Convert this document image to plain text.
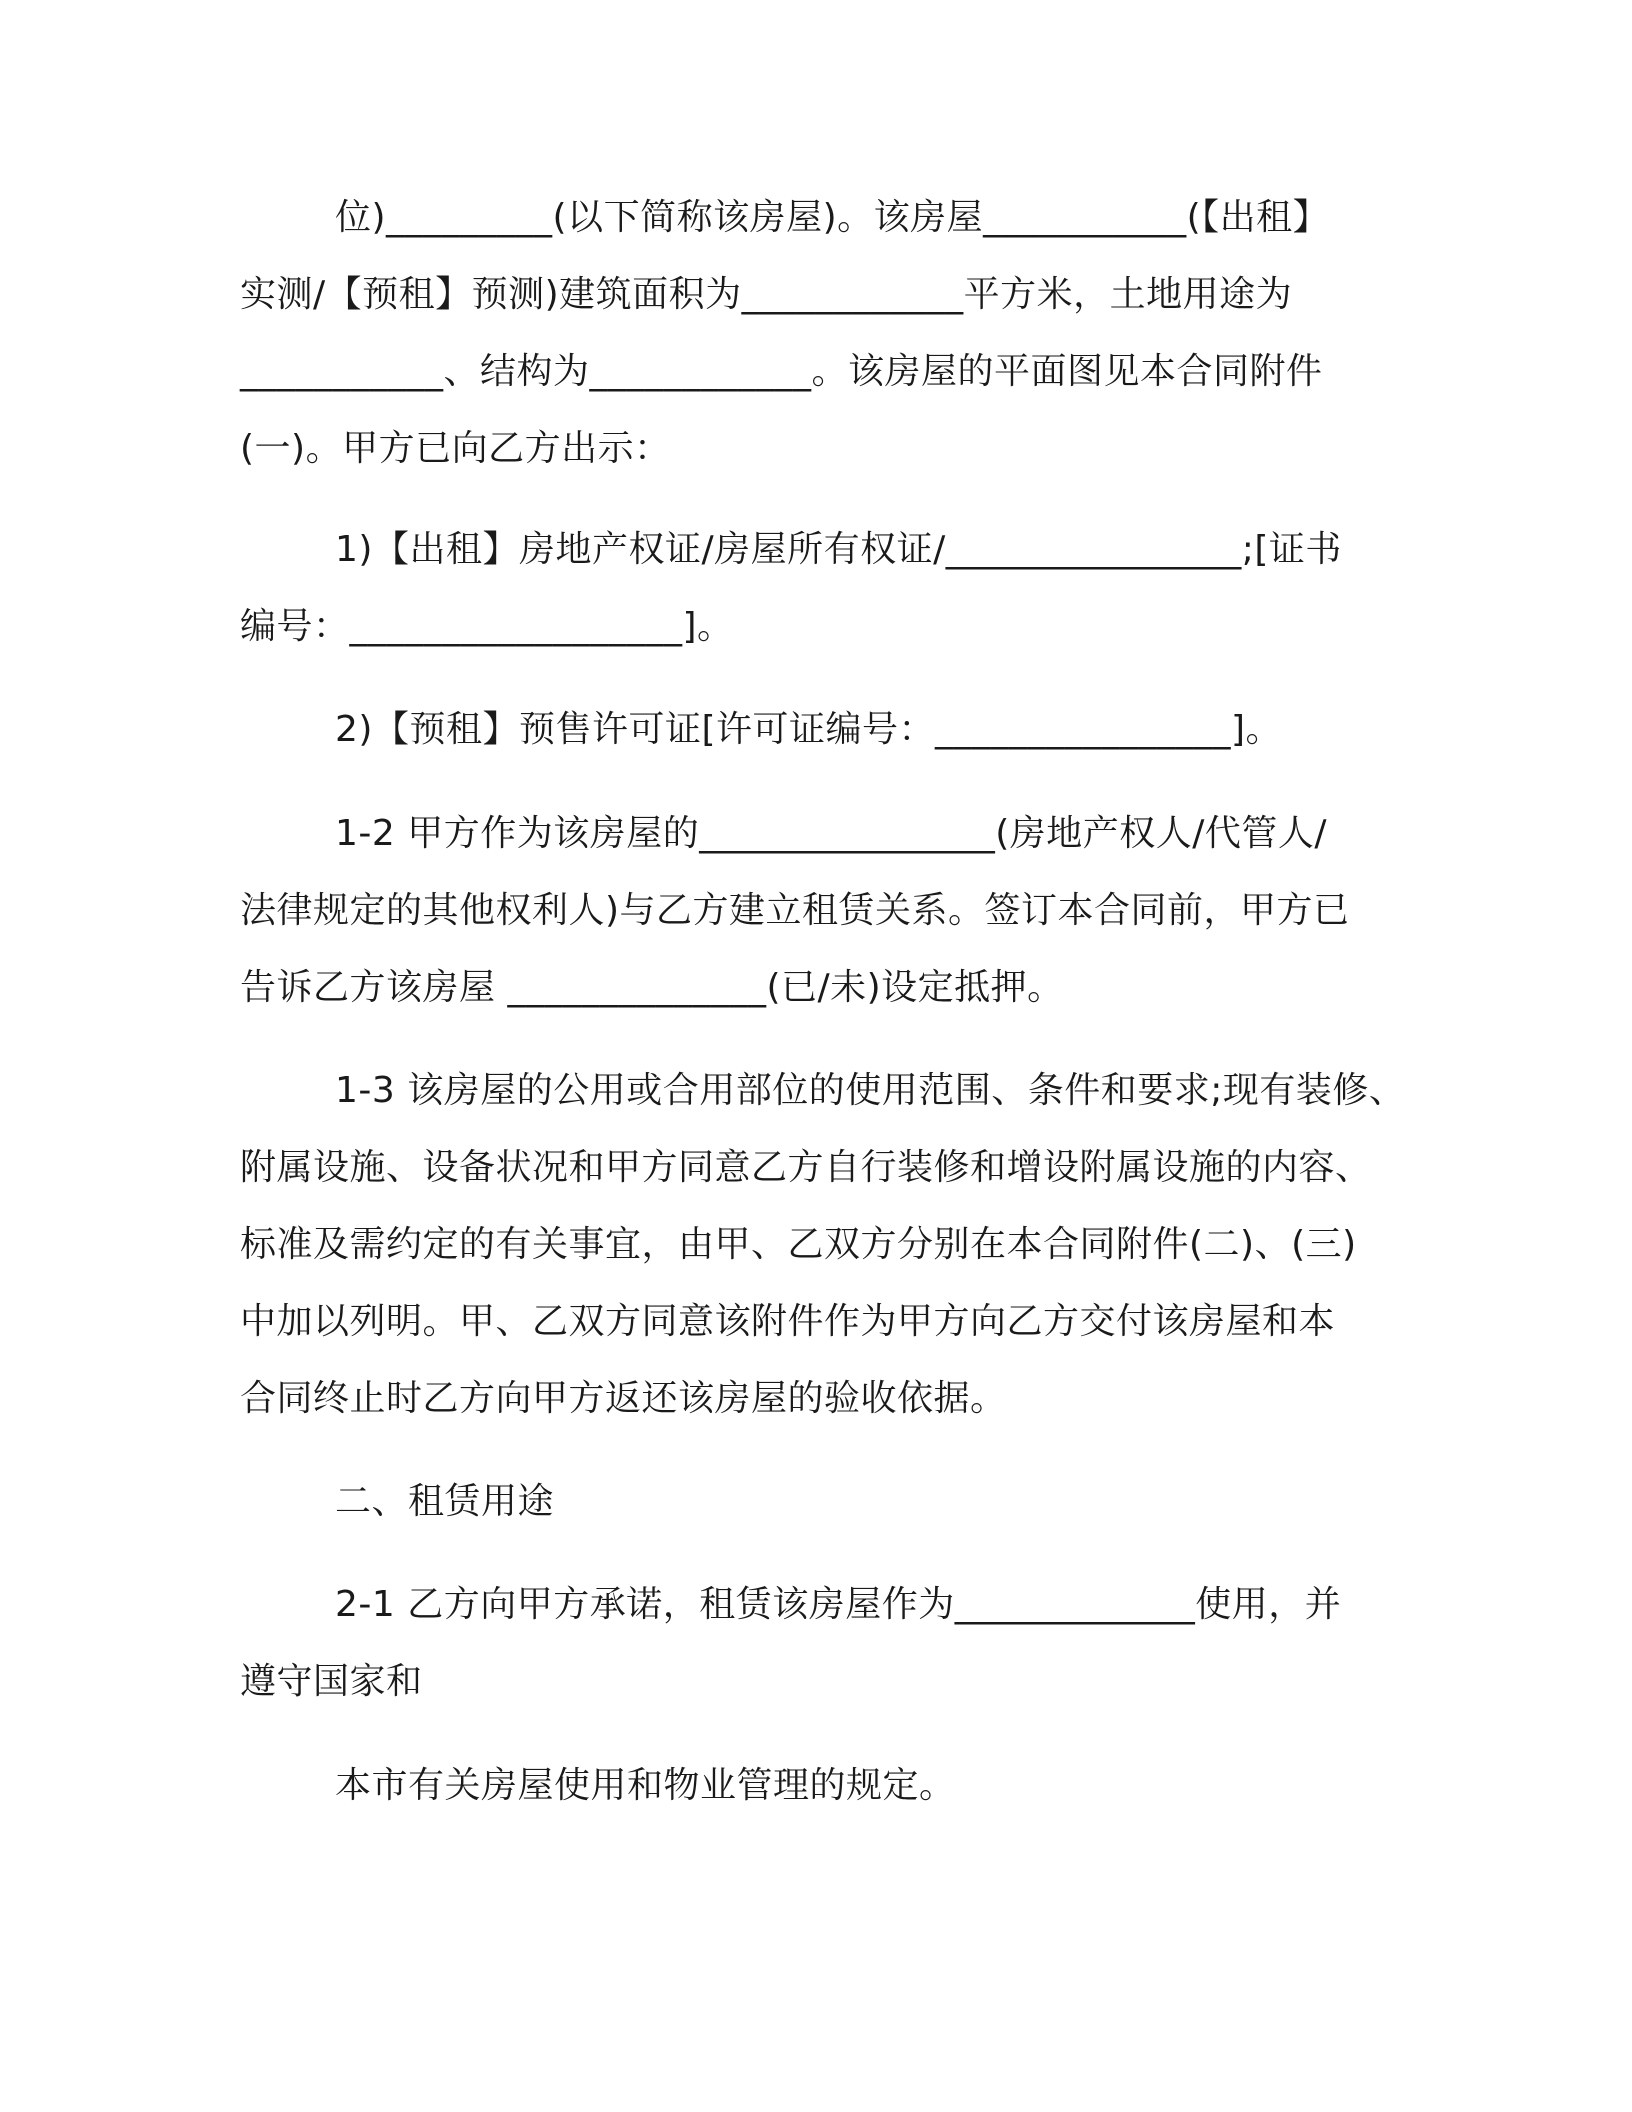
位)_________(以下简称该房屋)。该房屋___________(【出租】
实测/【预租】预测)建筑面积为____________平方米，土地用途为
___________、结构为____________。该房屋的平面图见本合同附件
(一)。甲方已向乙方出示：
1)【出租】房地产权证/房屋所有权证/________________;[证书
编号：__________________]。
2)【预租】预售许可证[许可证编号：________________]。
1-2 甲方作为该房屋的________________(房地产权人/代管人/
法律规定的其他权利人)与乙方建立租赁关系。签订本合同前，甲方已
告诉乙方该房屋 ______________(已/未)设定抵押。
1-3 该房屋的公用或合用部位的使用范围、条件和要求;现有装修、
附属设施、设备状况和甲方同意乙方自行装修和增设附属设施的内容、
标准及需约定的有关事宜，由甲、乙双方分别在本合同附件(二)、(三)
中加以列明。甲、乙双方同意该附件作为甲方向乙方交付该房屋和本
合同终止时乙方向甲方返还该房屋的验收依据。
二、租赁用途
2-1 乙方向甲方承诺，租赁该房屋作为_____________使用，并
遵守国家和
本市有关房屋使用和物业管理的规定。
